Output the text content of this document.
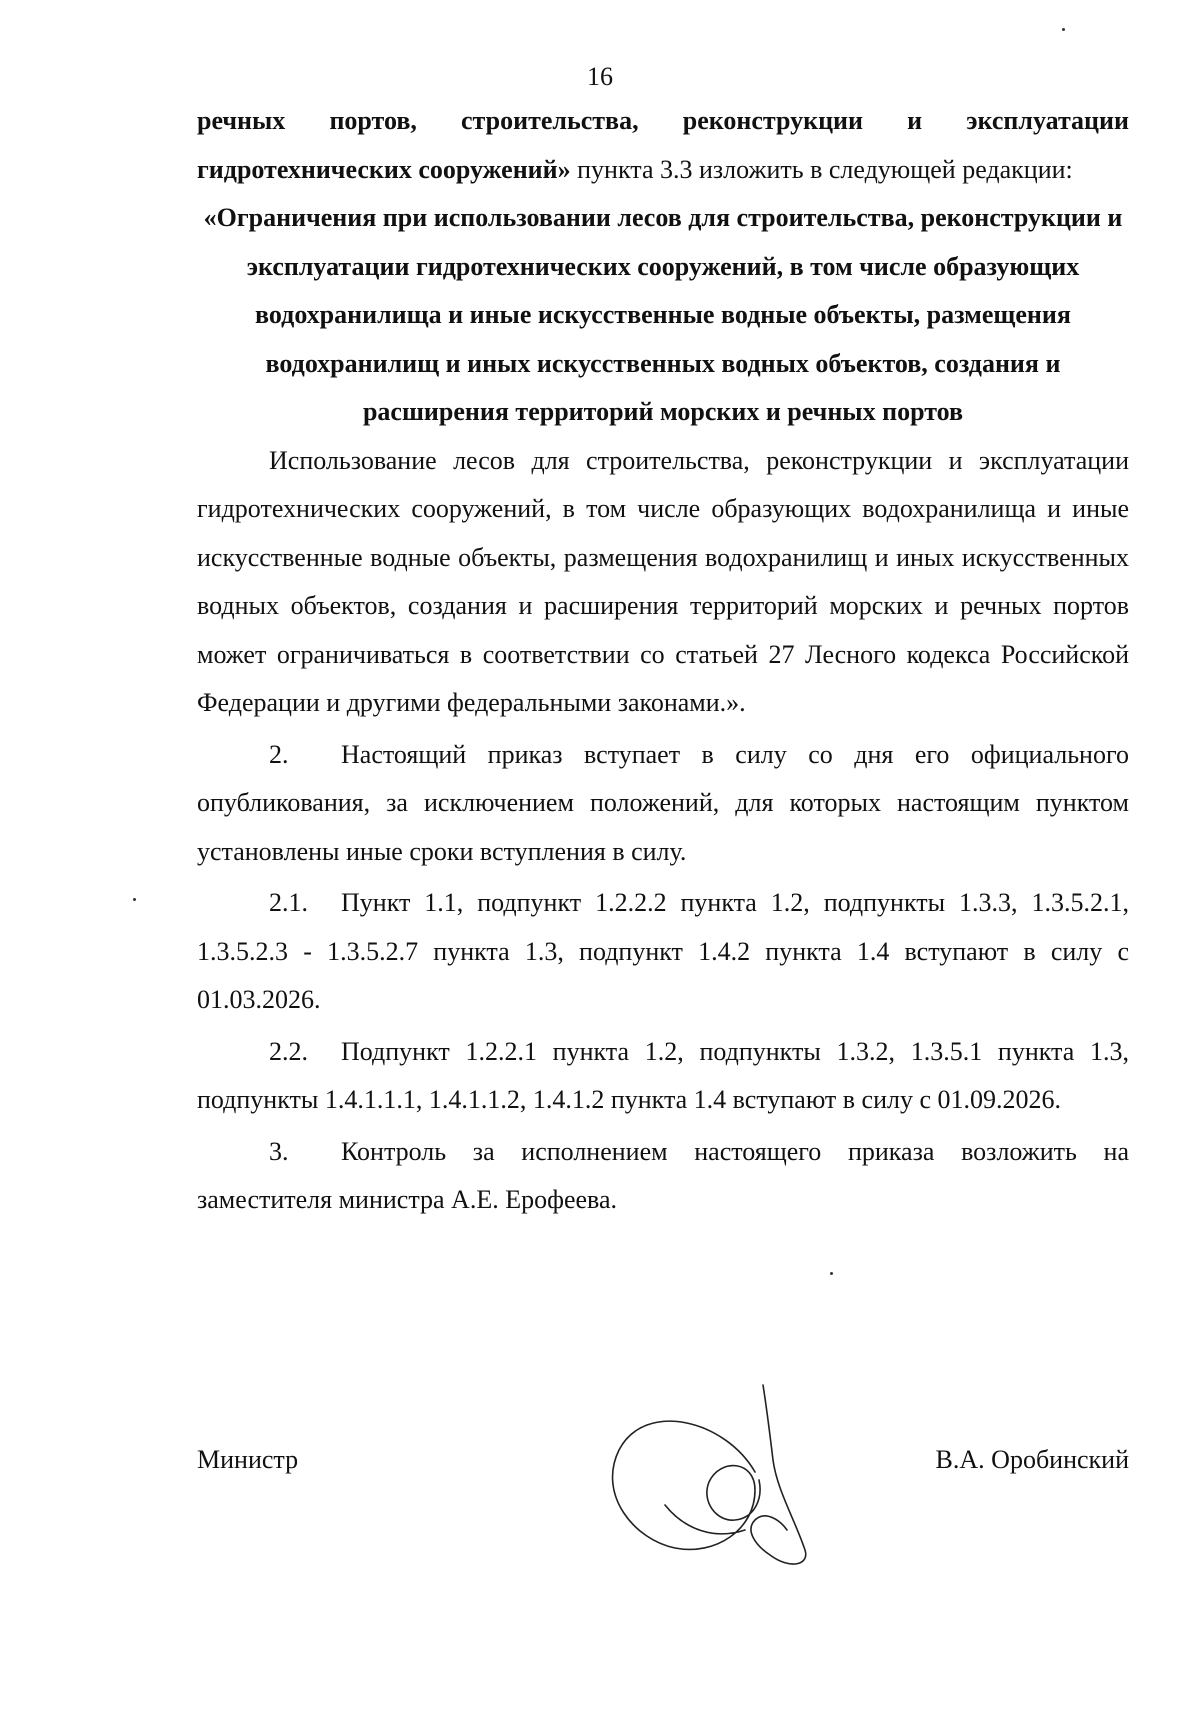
16

речных портов, строительства, реконструкции и эксплуатации гидротехнических сооружений» пункта 3.3 изложить в следующей редакции:

«Ограничения при использовании лесов для строительства, реконструкции и эксплуатации гидротехнических сооружений, в том числе образующих водохранилища и иные искусственные водные объекты, размещения водохранилищ и иных искусственных водных объектов, создания и расширения территорий морских и речных портов

Использование лесов для строительства, реконструкции и эксплуатации гидротехнических сооружений, в том числе образующих водохранилища и иные искусственные водные объекты, размещения водохранилищ и иных искусственных водных объектов, создания и расширения территорий морских и речных портов может ограничиваться в соответствии со статьей 27 Лесного кодекса Российской Федерации и другими федеральными законами.».

2. Настоящий приказ вступает в силу со дня его официального опубликования, за исключением положений, для которых настоящим пунктом установлены иные сроки вступления в силу.

2.1. Пункт 1.1, подпункт 1.2.2.2 пункта 1.2, подпункты 1.3.3, 1.3.5.2.1, 1.3.5.2.3 - 1.3.5.2.7 пункта 1.3, подпункт 1.4.2 пункта 1.4 вступают в силу с 01.03.2026.

2.2. Подпункт 1.2.2.1 пункта 1.2, подпункты 1.3.2, 1.3.5.1 пункта 1.3, подпункты 1.4.1.1.1, 1.4.1.1.2, 1.4.1.2 пункта 1.4 вступают в силу с 01.09.2026.

3. Контроль за исполнением настоящего приказа возложить на заместителя министра А.Е. Ерофеева.

Министр	В.А. Оробинский
